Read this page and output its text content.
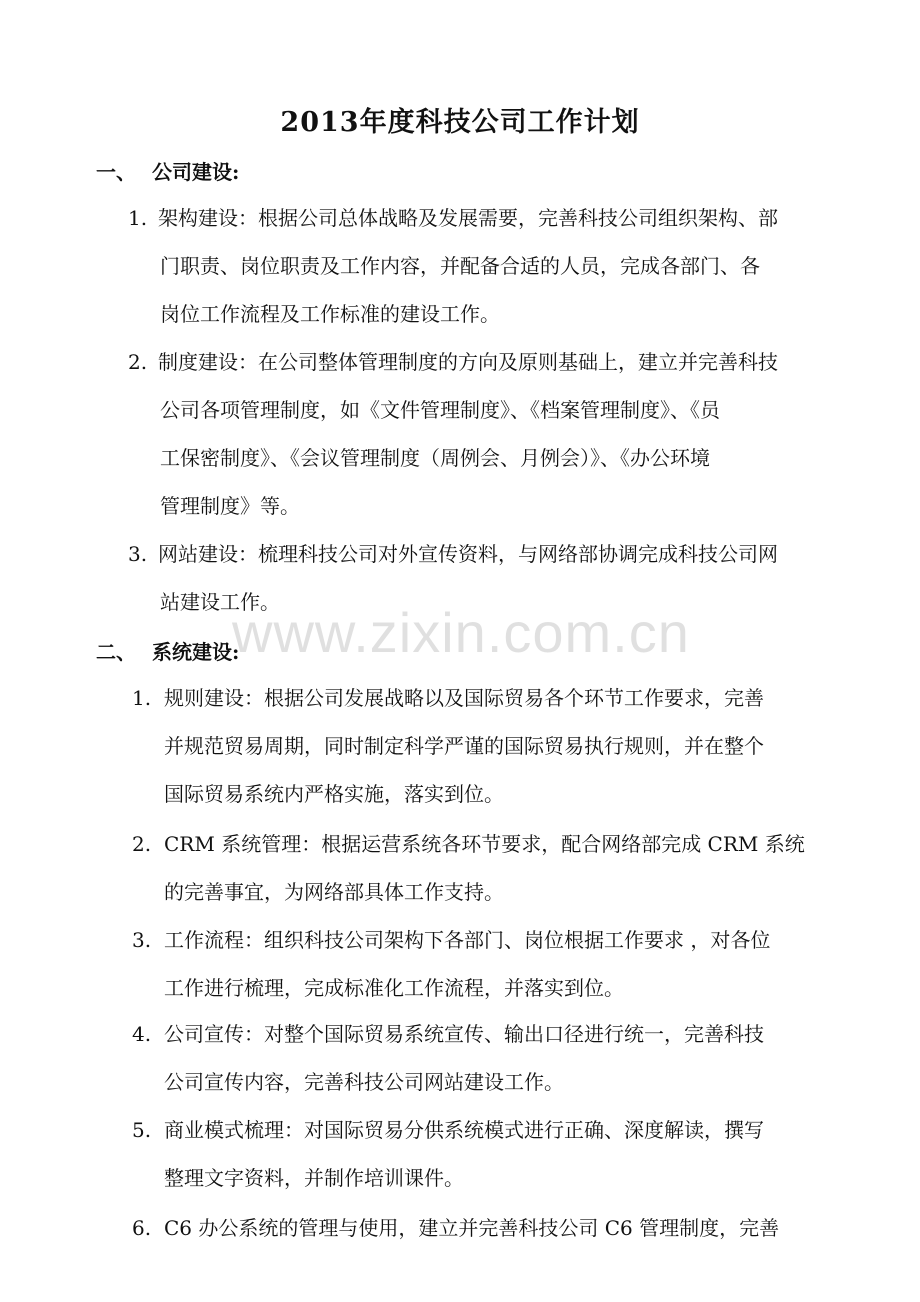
2013年度科技公司工作计划
一、 公司建设:
1. 架构建设：根据公司总体战略及发展需要，完善科技公司组织架构、部
门职责、岗位职责及工作内容，并配备合适的人员，完成各部门、各
岗位工作流程及工作标准的建设工作。
2. 制度建设：在公司整体管理制度的方向及原则基础上，建立并完善科技
公司各项管理制度，如《文件管理制度》、《档案管理制度》、《员
工保密制度》、《会议管理制度（周例会、月例会）》、《办公环境
管理制度》等。
3. 网站建设：梳理科技公司对外宣传资料，与网络部协调完成科技公司网
站建设工作。
www.zixin.com.cn
二、 系统建设:
1. 规则建设：根据公司发展战略以及国际贸易各个环节工作要求，完善
并规范贸易周期，同时制定科学严谨的国际贸易执行规则，并在整个
国际贸易系统内严格实施，落实到位。
2. CRM 系统管理：根据运营系统各环节要求，配合网络部完成 CRM 系统
的完善事宜，为网络部具体工作支持。
3. 工作流程：组织科技公司架构下各部门、岗位根据工作要求 ，对各位
工作进行梳理，完成标准化工作流程，并落实到位。
4. 公司宣传：对整个国际贸易系统宣传、输出口径进行统一，完善科技
公司宣传内容，完善科技公司网站建设工作。
5. 商业模式梳理：对国际贸易分供系统模式进行正确、深度解读，撰写
整理文字资料，并制作培训课件。
6. C6 办公系统的管理与使用，建立并完善科技公司 C6 管理制度，完善
